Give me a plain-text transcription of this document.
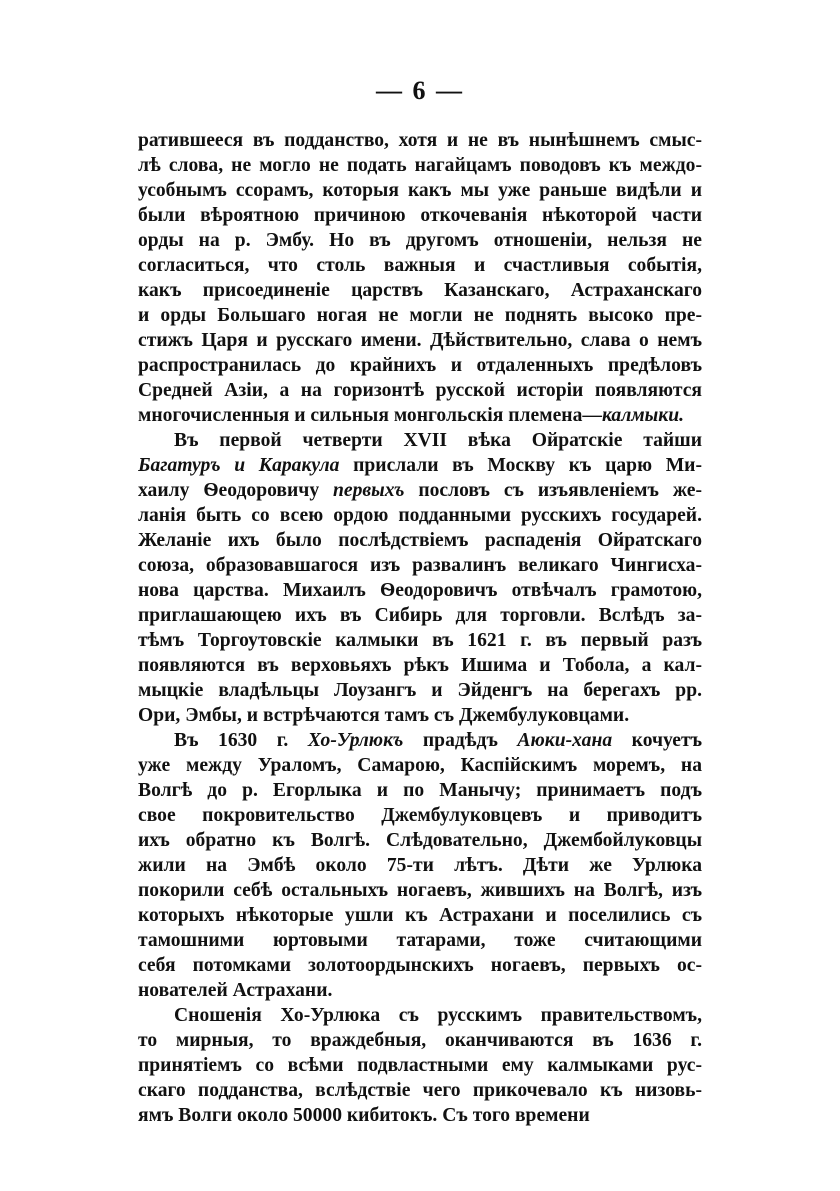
— 6 —
ратившееся въ подданство, хотя и не въ нынѣшнемъ смыс-
лѣ слова, не могло не подать нагайцамъ поводовъ къ междо-
усобнымъ ссорамъ, которыя какъ мы уже раньше видѣли и
были вѣроятною причиною откочеванія нѣкоторой части
орды на р. Эмбу. Но въ другомъ отношеніи, нельзя не
согласиться, что столь важныя и счастливыя событія,
какъ присоединеніе царствъ Казанскаго, Астраханскаго
и орды Большаго ногая не могли не поднять высоко пре-
стижъ Царя и русскаго имени. Дѣйствительно, слава о немъ
распространилась до крайнихъ и отдаленныхъ предѣловъ
Средней Азіи, а на горизонтѣ русской исторіи появляются
многочисленныя и сильныя монгольскія племена—калмыки.
Въ первой четверти XVII вѣка Ойратскіе тайши
Багатуръ и Каракула прислали въ Москву къ царю Ми-
хаилу Ѳеодоровичу первыхъ пословъ съ изъявленіемъ же-
ланія быть со всею ордою подданными русскихъ государей.
Желаніе ихъ было послѣдствіемъ распаденія Ойратскаго
союза, образовавшагося изъ развалинъ великаго Чингисха-
нова царства. Михаилъ Ѳеодоровичъ отвѣчалъ грамотою,
приглашающею ихъ въ Сибирь для торговли. Вслѣдъ за-
тѣмъ Торгоутовскіе калмыки въ 1621 г. въ первый разъ
появляются въ верховьяхъ рѣкъ Ишима и Тобола, а кал-
мыцкіе владѣльцы Лоузангъ и Эйденгъ на берегахъ рр.
Ори, Эмбы, и встрѣчаются тамъ съ Джембулуковцами.
Въ 1630 г. Хо-Урлюкъ прадѣдъ Аюки-хана кочуетъ
уже между Ураломъ, Самарою, Каспійскимъ моремъ, на
Волгѣ до р. Егорлыка и по Манычу; принимаетъ подъ
свое покровительство Джембулуковцевъ и приводитъ
ихъ обратно къ Волгѣ. Слѣдовательно, Джембойлуковцы
жили на Эмбѣ около 75-ти лѣтъ. Дѣти же Урлюка
покорили себѣ остальныхъ ногаевъ, жившихъ на Волгѣ, изъ
которыхъ нѣкоторые ушли къ Астрахани и поселились съ
тамошними юртовыми татарами, тоже считающими
себя потомками золотоордынскихъ ногаевъ, первыхъ ос-
нователей Астрахани.
Сношенія Хо-Урлюка съ русскимъ правительствомъ,
то мирныя, то враждебныя, оканчиваются въ 1636 г.
принятіемъ со всѣми подвластными ему калмыками рус-
скаго подданства, вслѣдствіе чего прикочевало къ низовь-
ямъ Волги около 50000 кибитокъ. Съ того времени
